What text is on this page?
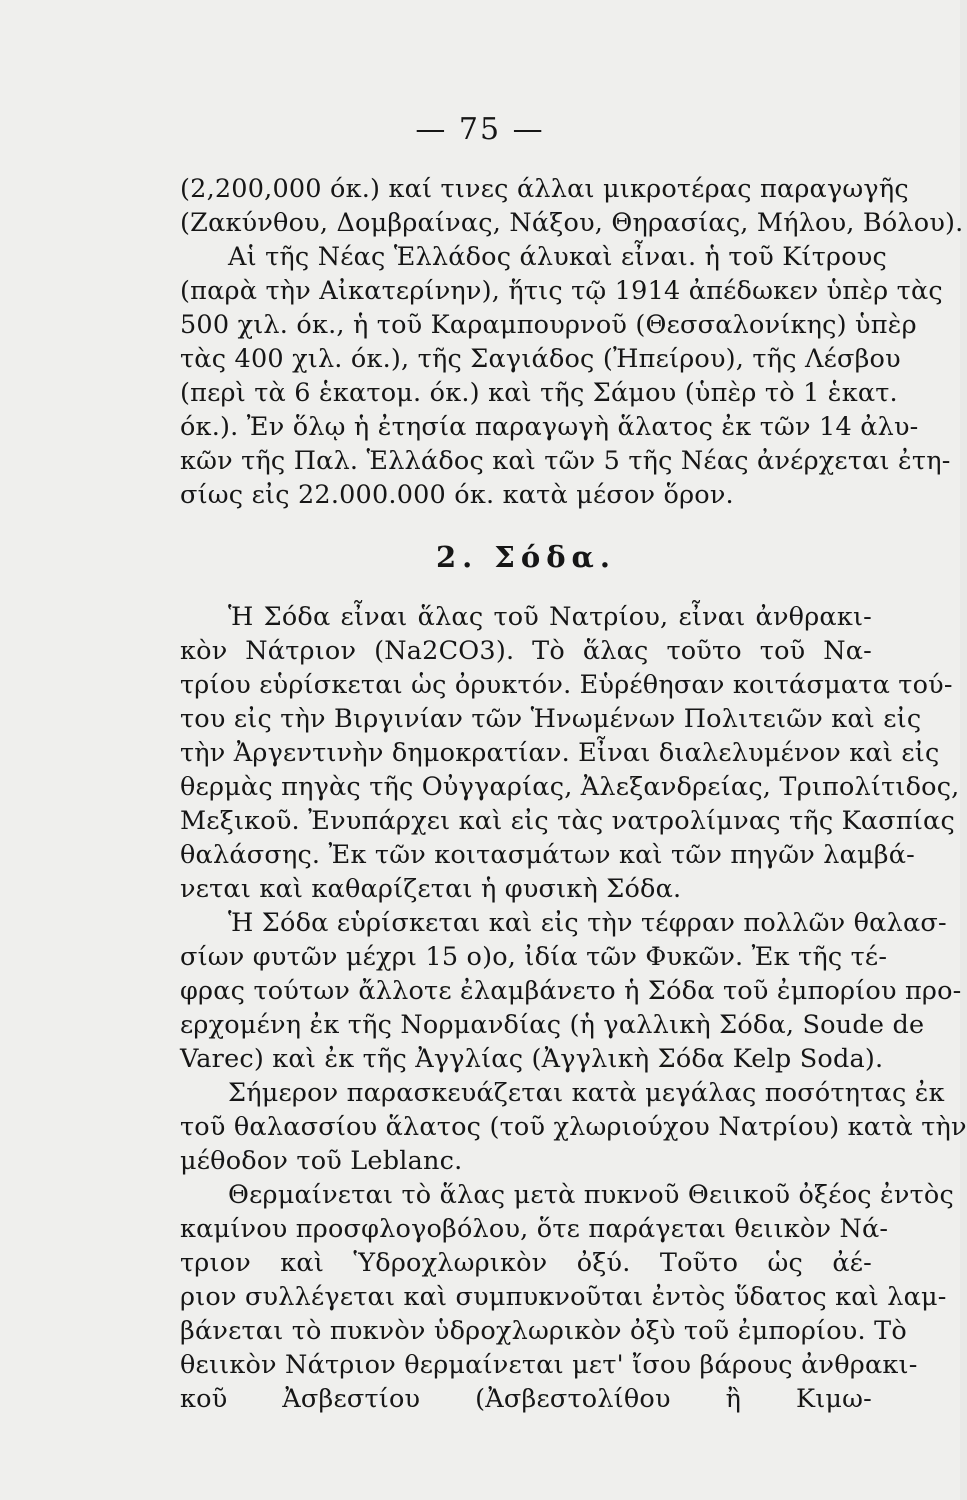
— 75 —
(2,200,000 όκ.) καί τινες άλλαι μικροτέρας παραγωγῆς
(Ζακύνθου, Δομβραίνας, Νάξου, Θηρασίας, Μήλου, Βόλου).
Αἱ τῆς Νέας Ἑλλάδος άλυκαὶ εἶναι. ἡ τοῦ Κίτρους
(παρὰ τὴν Αἰκατερίνην), ἥτις τῷ 1914 ἀπέδωκεν ὑπὲρ τὰς
500 χιλ. όκ., ἡ τοῦ Καραμπουρνοῦ (Θεσσαλονίκης) ὑπὲρ
τὰς 400 χιλ. όκ.), τῆς Σαγιάδος (Ἠπείρου), τῆς Λέσβου
(περὶ τὰ 6 ἑκατομ. όκ.) καὶ τῆς Σάμου (ὑπὲρ τὸ 1 ἑκατ.
όκ.). Ἐν ὅλῳ ἡ ἐτησία παραγωγὴ ἅλατος ἐκ τῶν 14 ἀλυ-
κῶν τῆς Παλ. Ἑλλάδος καὶ τῶν 5 τῆς Νέας ἀνέρχεται ἐτη-
σίως εἰς 22.000.000 όκ. κατὰ μέσον ὅρον.
2. Σόδα.
Ἡ Σόδα εἶναι ἅλας τοῦ Νατρίου, εἶναι ἀνθρακι-
κὸν Νάτριον (Na2CO3). Τὸ ἅλας τοῦτο τοῦ Να-
τρίου εὑρίσκεται ὡς ὀρυκτόν. Εὑρέθησαν κοιτάσματα τού-
του εἰς τὴν Βιργινίαν τῶν Ἡνωμένων Πολιτειῶν καὶ εἰς
τὴν Ἀργεντινὴν δημοκρατίαν. Εἶναι διαλελυμένον καὶ εἰς
θερμὰς πηγὰς τῆς Οὐγγαρίας, Ἀλεξανδρείας, Τριπολίτιδος,
Μεξικοῦ. Ἐνυπάρχει καὶ εἰς τὰς νατρολίμνας τῆς Κασπίας
θαλάσσης. Ἐκ τῶν κοιτασμάτων καὶ τῶν πηγῶν λαμβά-
νεται καὶ καθαρίζεται ἡ φυσικὴ Σόδα.
Ἡ Σόδα εὑρίσκεται καὶ εἰς τὴν τέφραν πολλῶν θαλασ-
σίων φυτῶν μέχρι 15 ο)ο, ἰδία τῶν Φυκῶν. Ἐκ τῆς τέ-
φρας τούτων ἄλλοτε ἐλαμβάνετο ἡ Σόδα τοῦ ἐμπορίου προ-
ερχομένη ἐκ τῆς Νορμανδίας (ἡ γαλλικὴ Σόδα, Soude de
Varec) καὶ ἐκ τῆς Ἀγγλίας (Ἀγγλικὴ Σόδα Kelp Soda).
Σήμερον παρασκευάζεται κατὰ μεγάλας ποσότητας ἐκ
τοῦ θαλασσίου ἅλατος (τοῦ χλωριούχου Νατρίου) κατὰ τὴν
μέθοδον τοῦ Leblanc.
Θερμαίνεται τὸ ἅλας μετὰ πυκνοῦ Θειικοῦ ὀξέος ἐντὸς
καμίνου προσφλογοβόλου, ὅτε παράγεται θειικὸν Νά-
τριον καὶ Ὑδροχλωρικὸν ὀξύ. Τοῦτο ὡς ἀέ-
ριον συλλέγεται καὶ συμπυκνοῦται ἐντὸς ὕδατος καὶ λαμ-
βάνεται τὸ πυκνὸν ὑδροχλωρικὸν ὀξὺ τοῦ ἐμπορίου. Τὸ
θειικὸν Νάτριον θερμαίνεται μετ' ἴσου βάρους ἀνθρακι-
κοῦ Ἀσβεστίου (Ἀσβεστολίθου ἢ Κιμω-
